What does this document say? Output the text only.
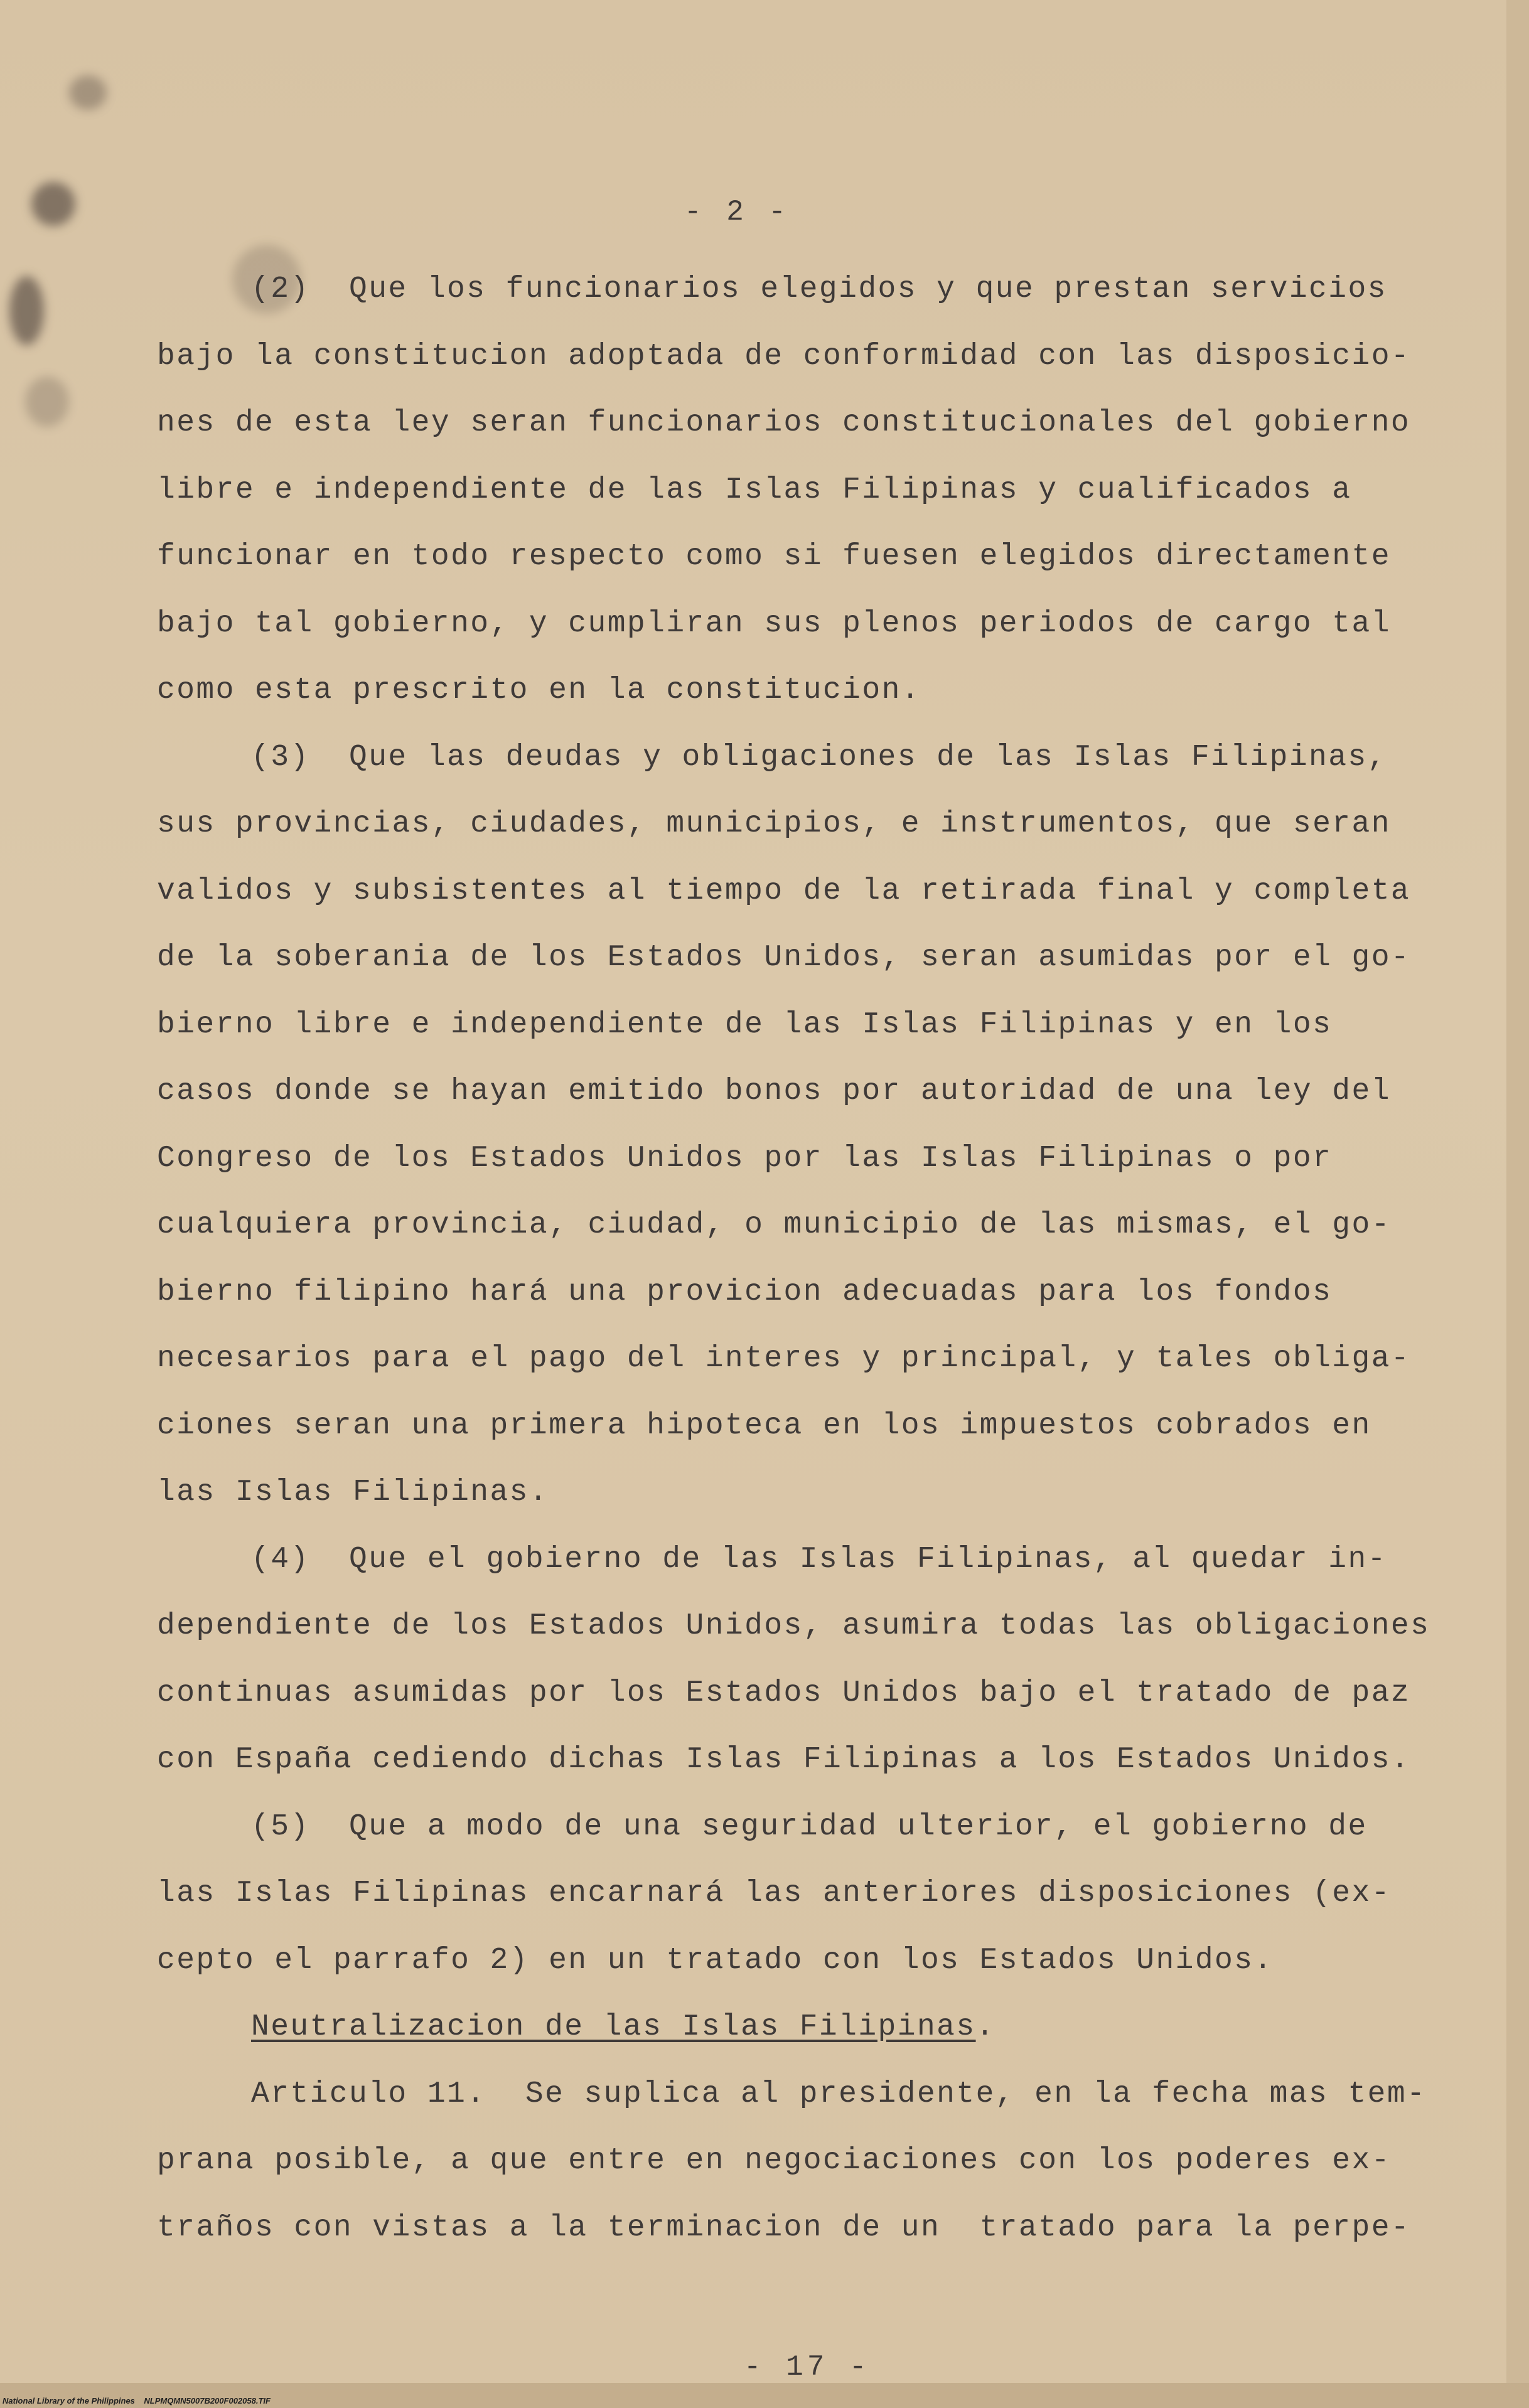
- 2 -
(2)  Que los funcionarios elegidos y que prestan servicios
bajo la constitucion adoptada de conformidad con las disposicio-
nes de esta ley seran funcionarios constitucionales del gobierno
libre e independiente de las Islas Filipinas y cualificados a
funcionar en todo respecto como si fuesen elegidos directamente
bajo tal gobierno, y cumpliran sus plenos periodos de cargo tal
como esta prescrito en la constitucion.
(3)  Que las deudas y obligaciones de las Islas Filipinas,
sus provincias, ciudades, municipios, e instrumentos, que seran
validos y subsistentes al tiempo de la retirada final y completa
de la soberania de los Estados Unidos, seran asumidas por el go-
bierno libre e independiente de las Islas Filipinas y en los
casos donde se hayan emitido bonos por autoridad de una ley del
Congreso de los Estados Unidos por las Islas Filipinas o por
cualquiera provincia, ciudad, o municipio de las mismas, el go-
bierno filipino hará una provicion adecuadas para los fondos
necesarios para el pago del interes y principal, y tales obliga-
ciones seran una primera hipoteca en los impuestos cobrados en
las Islas Filipinas.
(4)  Que el gobierno de las Islas Filipinas, al quedar in-
dependiente de los Estados Unidos, asumira todas las obligaciones
continuas asumidas por los Estados Unidos bajo el tratado de paz
con España cediendo dichas Islas Filipinas a los Estados Unidos.
(5)  Que a modo de una seguridad ulterior, el gobierno de
las Islas Filipinas encarnará las anteriores disposiciones (ex-
cepto el parrafo 2) en un tratado con los Estados Unidos.
Neutralizacion de las Islas Filipinas.
Articulo 11.  Se suplica al presidente, en la fecha mas tem-
prana posible, a que entre en negociaciones con los poderes ex-
traños con vistas a la terminacion de un  tratado para la perpe-
- 17 -
National Library of the Philippines    NLPMQMN5007B200F002058.TIF
